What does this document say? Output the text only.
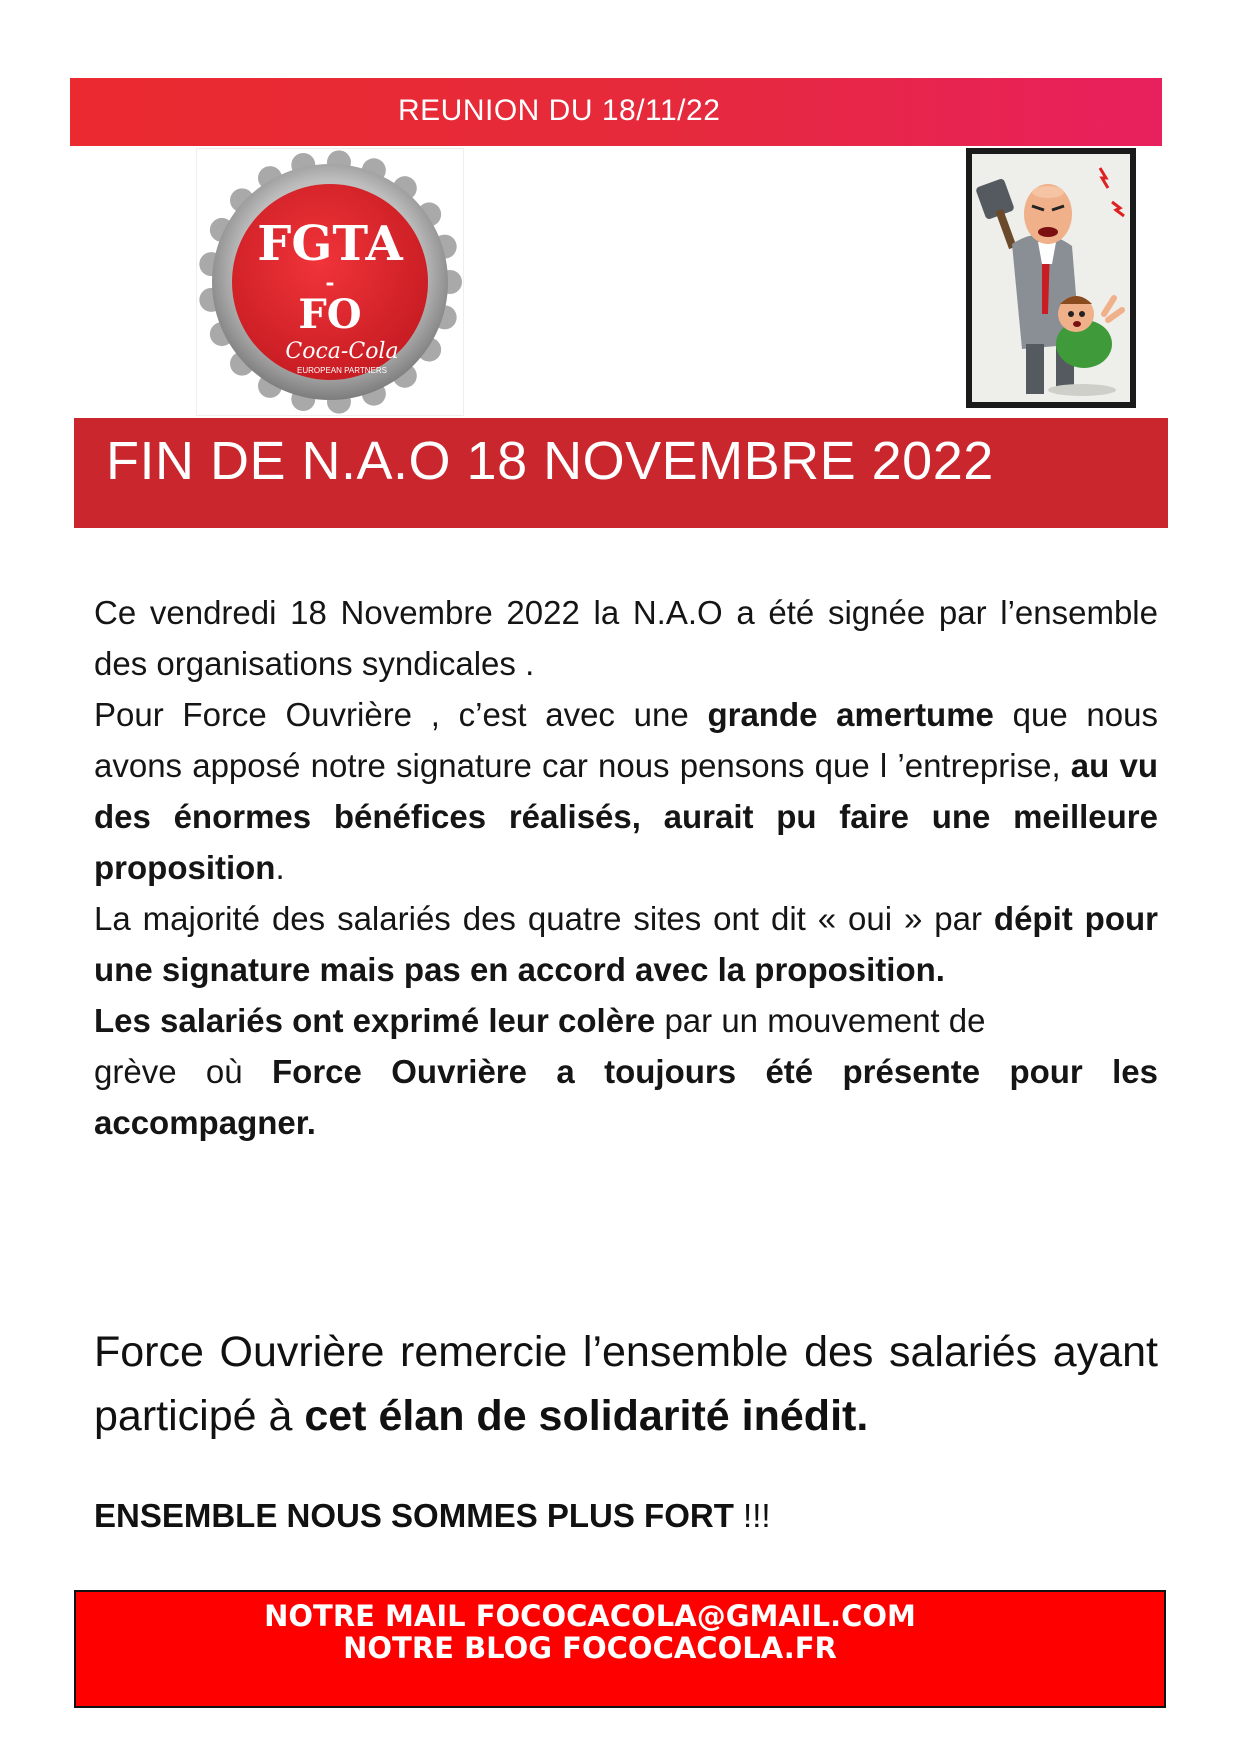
REUNION DU 18/11/22
FGTA
-
FO
Coca-Cola
EUROPEAN PARTNERS
FIN DE N.A.O 18 NOVEMBRE 2022

Ce vendredi 18 Novembre 2022 la N.A.O a été signée par l’ensemble des organisations syndicales .

Pour Force Ouvrière , c’est avec une grande amertume que nous avons apposé notre signature car nous pensons que l ’entreprise, au vu des énormes bénéfices réalisés, aurait pu faire une meilleure proposition.

La majorité des salariés des quatre sites ont dit « oui » par dépit pour une signature mais pas en accord avec la proposition.

Les salariés ont exprimé leur colère par un mouvement de

grève où Force Ouvrière a toujours été présente pour les accompagner.

Force Ouvrière remercie l’ensemble des salariés ayant participé à cet élan de solidarité inédit.
ENSEMBLE NOUS SOMMES PLUS FORT !!!
NOTRE MAIL FOCOCACOLA@GMAIL.COM
NOTRE BLOG FOCOCACOLA.FR
